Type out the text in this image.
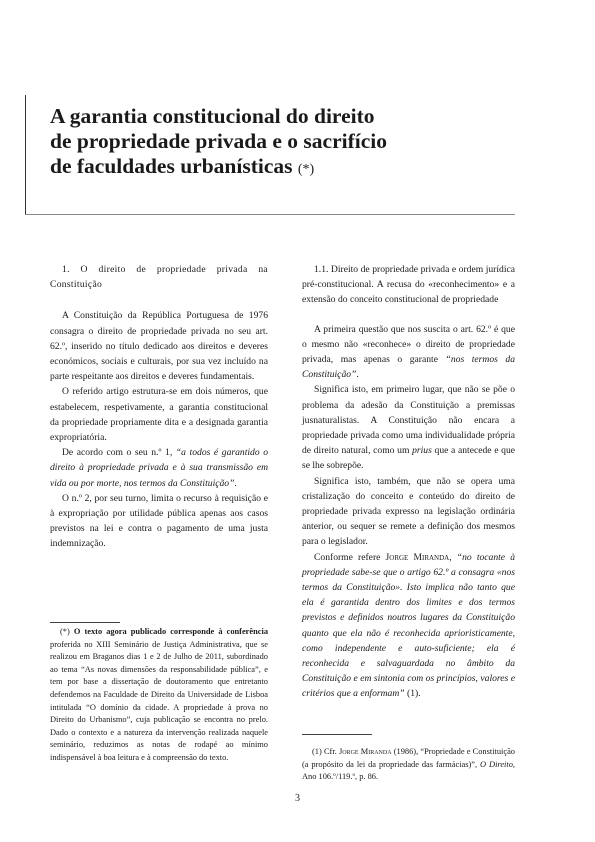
A garantia constitucional do direito
de propriedade privada e o sacrifício
de faculdades urbanísticas (*)

1. O direito de propriedade privada na Constituição

A Constituição da República Portuguesa de 1976 consagra o direito de propriedade privada no seu art. 62.º, inserido no título dedicado aos direitos e deveres económicos, sociais e culturais, por sua vez incluído na parte respeitante aos direitos e deveres fundamentais.

O referido artigo estrutura-se em dois números, que estabelecem, respetivamente, a garantia constitucional da propriedade propriamente dita e a designada garantia expropriatória.

De acordo com o seu n.º 1, “a todos é garantido o direito à propriedade privada e à sua transmissão em vida ou por morte, nos termos da Constituição”.

O n.º 2, por seu turno, limita o recurso à requisição e à expropriação por utilidade pública apenas aos casos previstos na lei e contra o pagamento de uma justa indemnização.

(*) O texto agora publicado corresponde à conferência proferida no XIII Seminário de Justiça Administrativa, que se realizou em Braganos dias 1 e 2 de Julho de 2011, subordinado ao tema “As novas dimensões da responsabilidade pública”, e tem por base a dissertação de doutoramento que entretanto defendemos na Faculdade de Direito da Universidade de Lisboa intitulada “O domínio da cidade. A propriedade à prova no Direito do Urbanismo”, cuja publicação se encontra no prelo. Dado o contexto e a natureza da intervenção realizada naquele seminário, reduzimos as notas de rodapé ao mínimo indispensável à boa leitura e à compreensão do texto.

1.1. Direito de propriedade privada e ordem jurídica pré-constitucional. A recusa do «reconhecimento» e a extensão do conceito constitucional de propriedade

A primeira questão que nos suscita o art. 62.º é que o mesmo não «reconhece» o direito de propriedade privada, mas apenas o garante “nos termos da Constituição”.

Significa isto, em primeiro lugar, que não se põe o problema da adesão da Constituição a premissas jusnaturalistas. A Constituição não encara a propriedade privada como uma individualidade própria de direito natural, como um prius que a antecede e que se lhe sobrepõe.

Significa isto, também, que não se opera uma cristalização do conceito e conteúdo do direito de propriedade privada expresso na legislação ordinária anterior, ou sequer se remete a definição dos mesmos para o legislador.

Conforme refere Jorge Miranda, “no tocante à propriedade sabe-se que o artigo 62.º a consagra «nos termos da Constituição». Isto implica não tanto que ela é garantida dentro dos limites e dos termos previstos e definidos noutros lugares da Constituição quanto que ela não é reconhecida aprioristicamente, como independente e auto-suficiente; ela é reconhecida e salvaguardada no âmbito da Constituição e em sintonia com os princípios, valores e critérios que a enformam” (1).

(1) Cfr. Jorge Miranda (1986), “Propriedade e Constituição (a propósito da lei da propriedade das farmácias)”, O Direito, Ano 106.º/119.º, p. 86.

3
